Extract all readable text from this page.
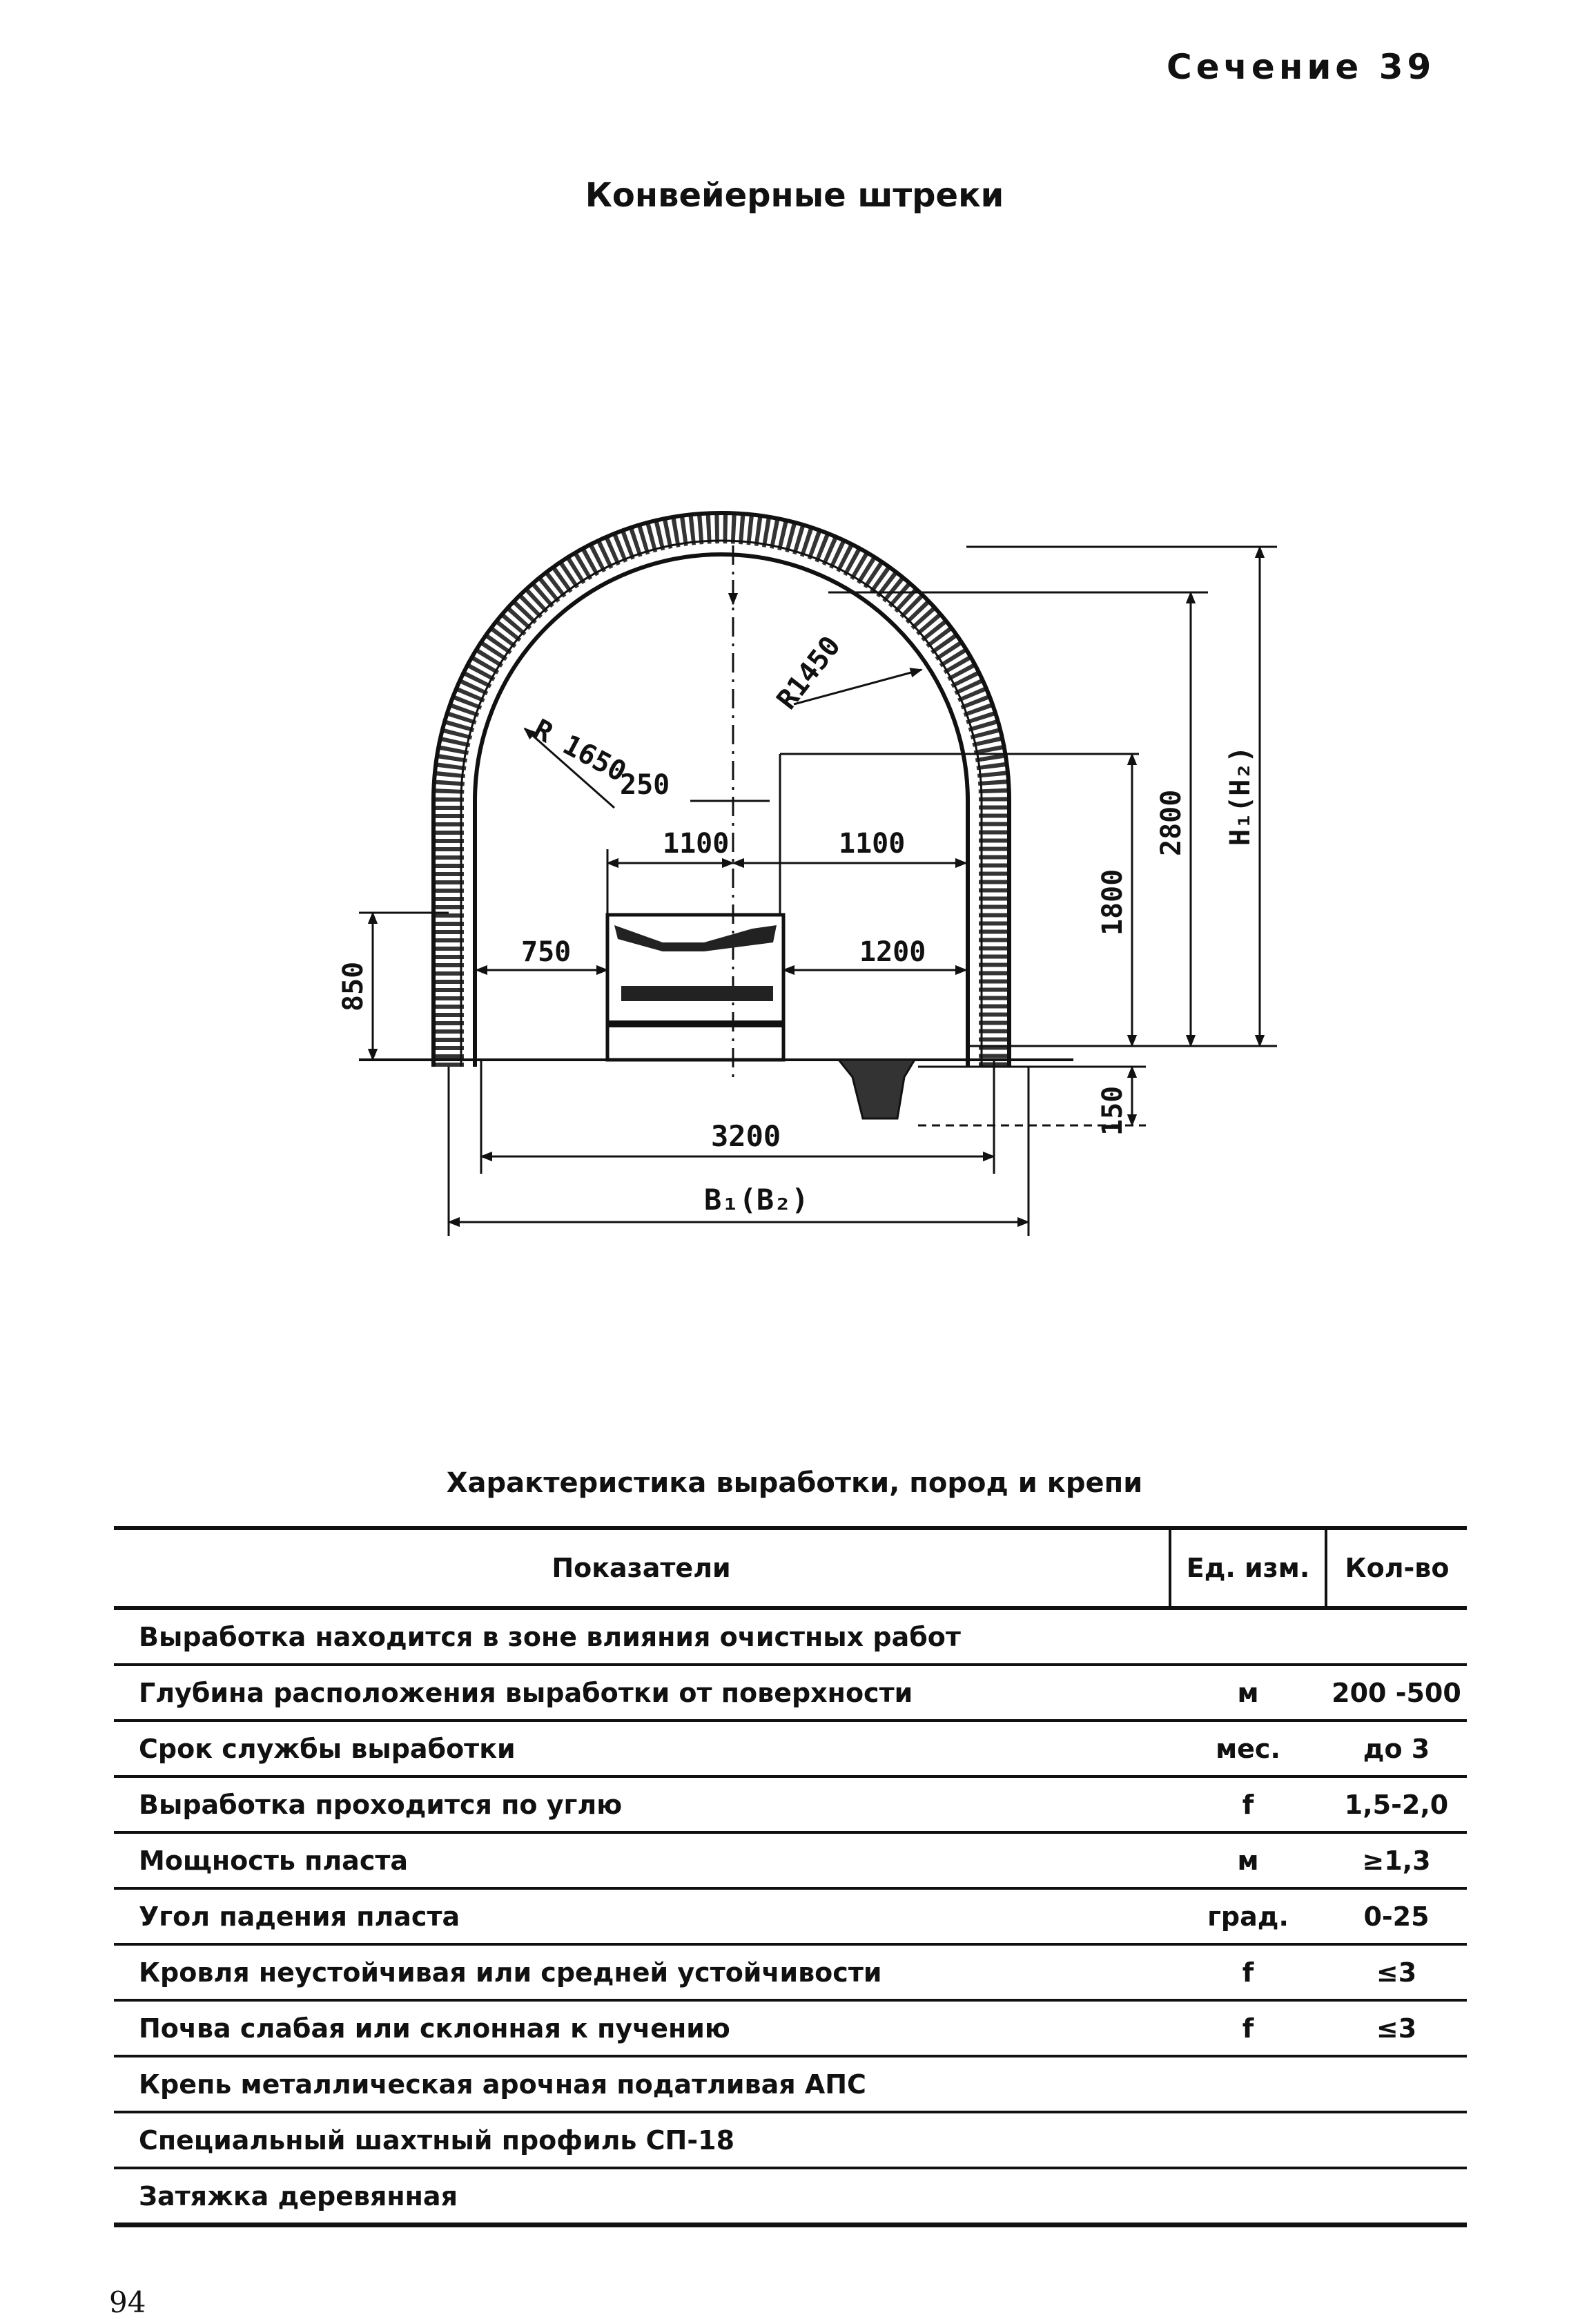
Сечение 39
Конвейерные штреки
R 1650
R1450
250
1100	1100
750	1200
850
1800
2800 H₁(H₂)
150
3200
B₁(B₂)
Характеристика выработки, пород и крепи
Показатели	Ед. изм.	Кол-во
Выработка находится в зоне влияния очистных работ		
Глубина расположения выработки от поверхности	м	200 -500
Срок службы выработки	мес.	до 3
Выработка проходится по углю	f	1,5-2,0
Мощность пласта	м	≥1,3
Угол падения пласта	град.	0-25
Кровля неустойчивая или средней устойчивости	f	≤3
Почва слабая или склонная к пучению	f	≤3
Крепь металлическая арочная податливая АПС		
Специальный шахтный профиль СП-18		
Затяжка деревянная		
94
